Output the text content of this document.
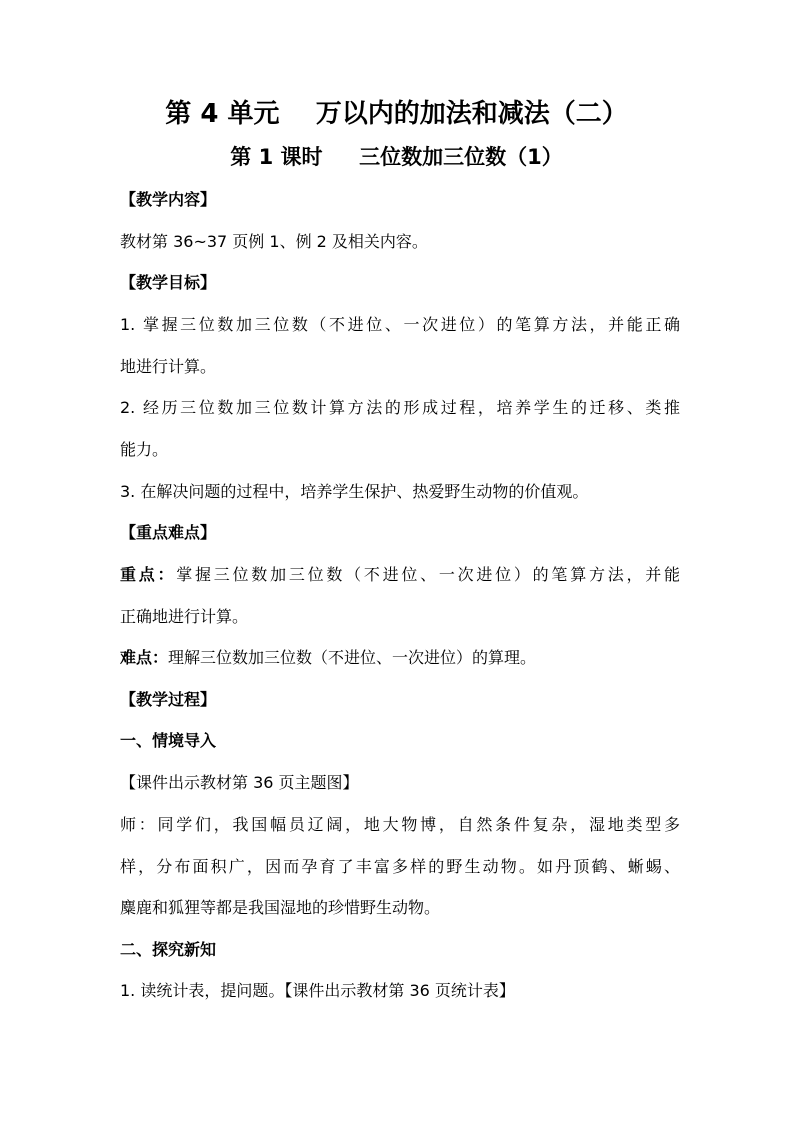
第 4 单元    万以内的加法和减法（二）
第 1 课时     三位数加三位数（1）

【教学内容】

教材第 36~37 页例 1、例 2 及相关内容。

【教学目标】

1. 掌握三位数加三位数（不进位、一次进位）的笔算方法，并能正确

地进行计算。

2. 经历三位数加三位数计算方法的形成过程，培养学生的迁移、类推

能力。

3. 在解决问题的过程中，培养学生保护、热爱野生动物的价值观。

【重点难点】

重点：掌握三位数加三位数（不进位、一次进位）的笔算方法，并能

正确地进行计算。

难点：理解三位数加三位数（不进位、一次进位）的算理。

【教学过程】

一、情境导入

【课件出示教材第 36 页主题图】

师：同学们，我国幅员辽阔，地大物博，自然条件复杂，湿地类型多

样，分布面积广，因而孕育了丰富多样的野生动物。如丹顶鹤、蜥蜴、

麋鹿和狐狸等都是我国湿地的珍惜野生动物。

二、探究新知

1. 读统计表，提问题。【课件出示教材第 36 页统计表】
